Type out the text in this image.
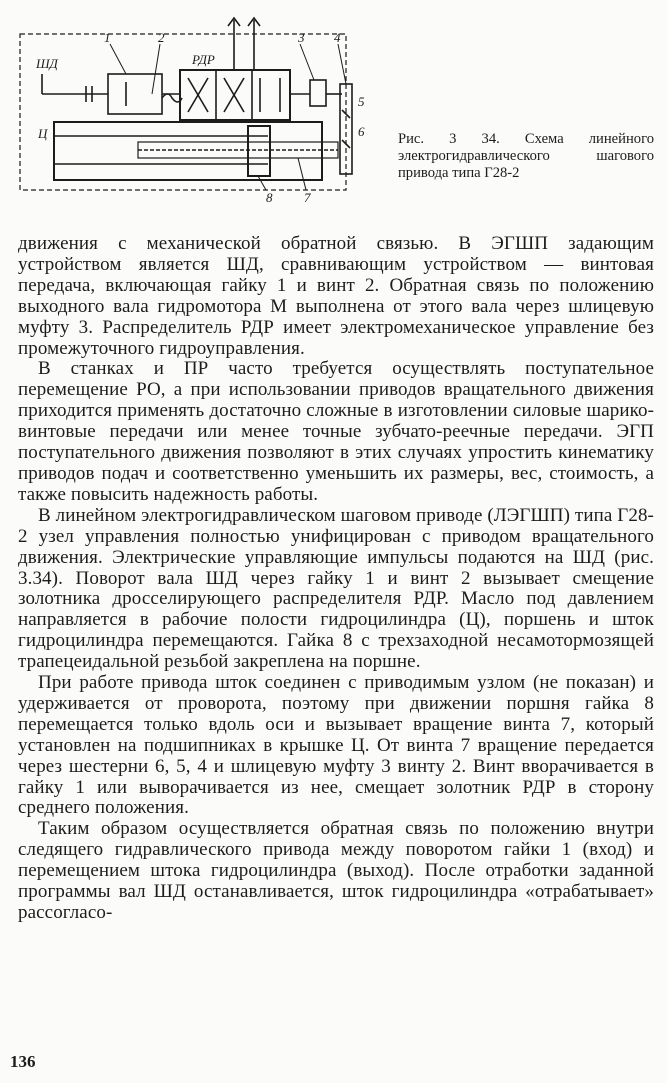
ШД	РДР
Ц
1	2	3 4
5
6
8 7
Рис. 3 34. Схема линейного электрогидравлического шагового привода типа Г28-2

движения с механической обратной связью. В ЭГШП задающим устройством является ШД, сравнивающим устройством — винтовая передача, включающая гайку 1 и винт 2. Обратная связь по положению выходного вала гидромотора М выполнена от этого вала через шлицевую муфту 3. Распределитель РДР имеет электромеханическое управление без промежуточного гидроуправления.

В станках и ПР часто требуется осуществлять поступательное перемещение РО, а при использовании приводов вращательного движения приходится применять достаточно сложные в изготовлении силовые шарико-винтовые передачи или менее точные зубчато-реечные передачи. ЭГП поступательного движения позволяют в этих случаях упростить кинематику приводов подач и соответственно уменьшить их размеры, вес, стоимость, а также повысить надежность работы.

В линейном электрогидравлическом шаговом приводе (ЛЭГШП) типа Г28-2 узел управления полностью унифицирован с приводом вращательного движения. Электрические управляющие импульсы подаются на ШД (рис. 3.34). Поворот вала ШД через гайку 1 и винт 2 вызывает смещение золотника дросселирующего распределителя РДР. Масло под давлением направляется в рабочие полости гидроцилиндра (Ц), поршень и шток гидроцилиндра перемещаются. Гайка 8 с трехзаходной несамотормозящей трапецеидальной резьбой закреплена на поршне.

При работе привода шток соединен с приводимым узлом (не показан) и удерживается от проворота, поэтому при движении поршня гайка 8 перемещается только вдоль оси и вызывает вращение винта 7, который установлен на подшипниках в крышке Ц. От винта 7 вращение передается через шестерни 6, 5, 4 и шлицевую муфту 3 винту 2. Винт вворачивается в гайку 1 или выворачивается из нее, смещает золотник РДР в сторону среднего положения.

Таким образом осуществляется обратная связь по положению внутри следящего гидравлического привода между поворотом гайки 1 (вход) и перемещением штока гидроцилиндра (выход). После отработки заданной программы вал ШД останавливается, шток гидроцилиндра «отрабатывает» рассогласо-

136
